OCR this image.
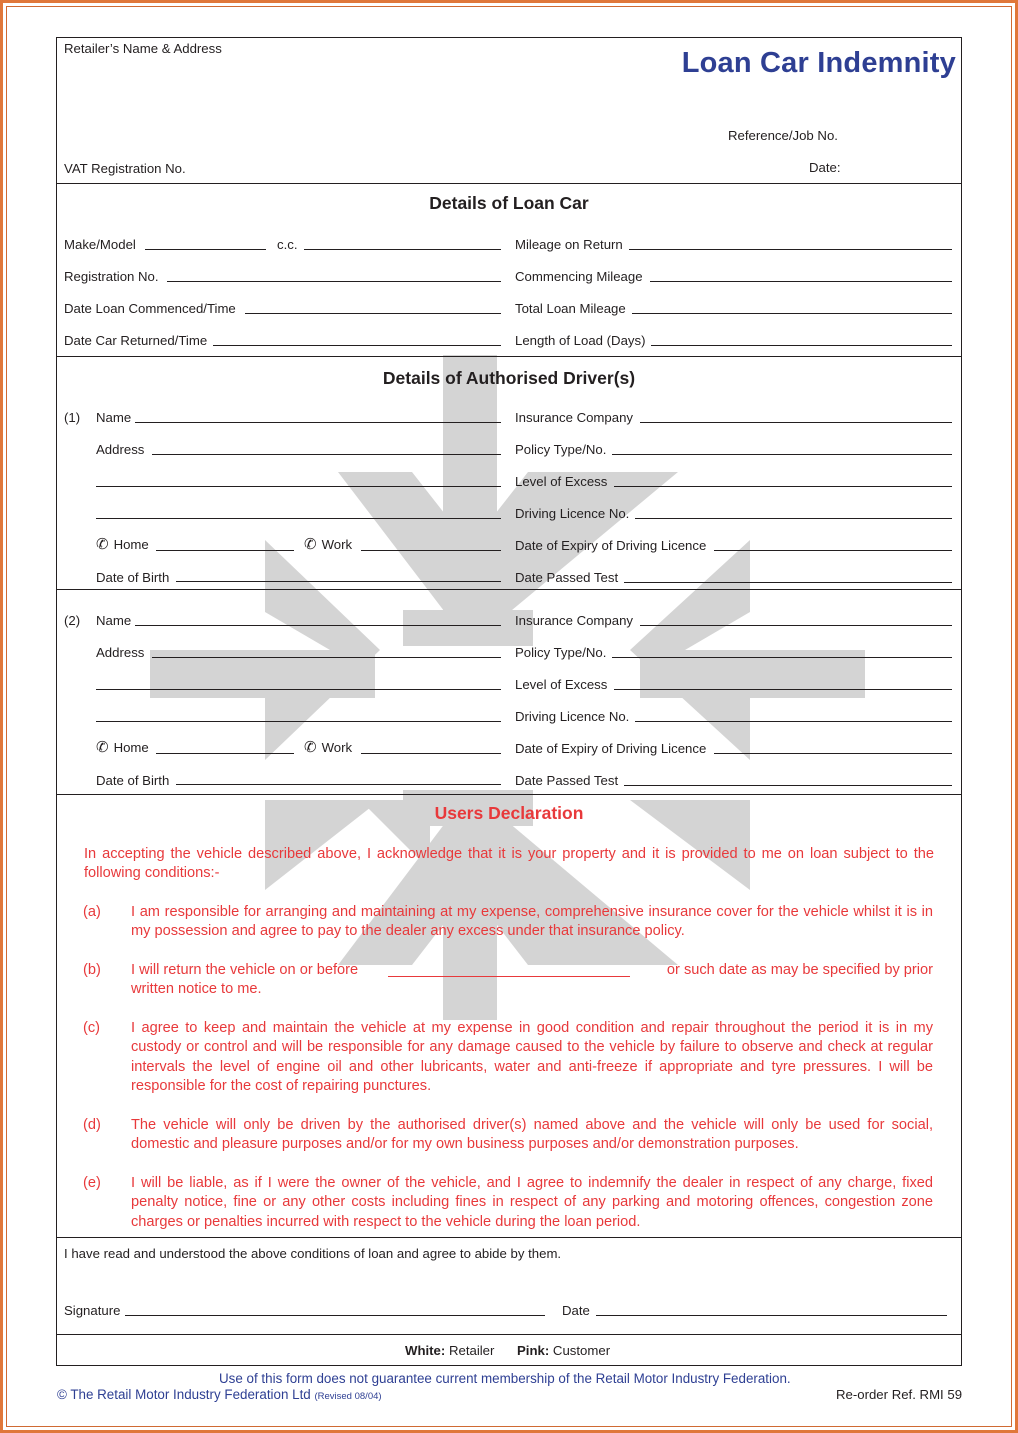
Retailer’s Name & Address	Loan Car Indemnity
Reference/Job No.
VAT Registration No.	Date:
Details of Loan Car
Make/Model	c.c.	Mileage on Return
Registration No.	Commencing Mileage
Date Loan Commenced/Time	Total Loan Mileage
Date Car Returned/Time	Length of Load (Days)
Details of Authorised Driver(s)
(1) Name	Insurance Company
Address	Policy Type/No.
Level of Excess
Driving Licence No.
✆ Home	✆ Work	Date of Expiry of Driving Licence
Date of Birth	Date Passed Test
(2) Name	Insurance Company
Address	Policy Type/No.
Level of Excess
Driving Licence No.
✆ Home	✆ Work	Date of Expiry of Driving Licence
Date of Birth	Date Passed Test
Users Declaration
In accepting the vehicle described above, I acknowledge that it is your property and it is provided to me on loan subject to the following conditions:-
(a) I am responsible for arranging and maintaining at my expense, comprehensive insurance cover for the vehicle whilst it is in my possession and agree to pay to the dealer any excess under that insurance policy.
(b) I will return the vehicle on or before	or such date as may be specified by prior
written notice to me.
(c) I agree to keep and maintain the vehicle at my expense in good condition and repair throughout the period it is in my custody or control and will be responsible for any damage caused to the vehicle by failure to observe and check at regular intervals the level of engine oil and other lubricants, water and anti-freeze if appropriate and tyre pressures. I will be responsible for the cost of repairing punctures.
(d) The vehicle will only be driven by the authorised driver(s) named above and the vehicle will only be used for social, domestic and pleasure purposes and/or for my own business purposes and/or demonstration purposes.
(e) I will be liable, as if I were the owner of the vehicle, and I agree to indemnify the dealer in respect of any charge, fixed penalty notice, fine or any other costs including fines in respect of any parking and motoring offences, congestion zone charges or penalties incurred with respect to the vehicle during the loan period.
I have read and understood the above conditions of loan and agree to abide by them.
Signature	Date
White: Retailer Pink: Customer
Use of this form does not guarantee current membership of the Retail Motor Industry Federation.
© The Retail Motor Industry Federation Ltd (Revised 08/04)	Re-order Ref. RMI 59
